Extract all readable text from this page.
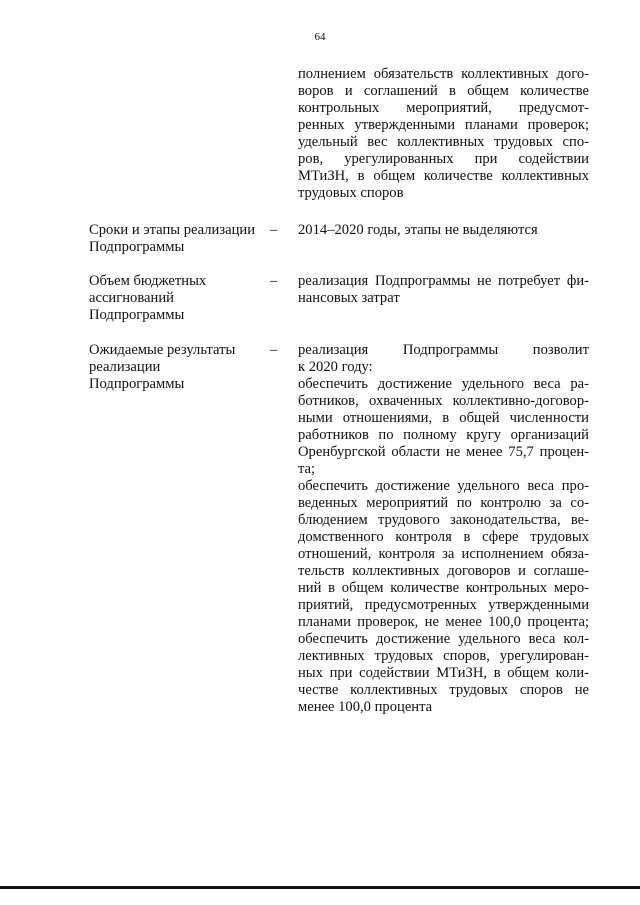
64

полнением обязательств коллективных дого-

воров и соглашений в общем количестве

контрольных мероприятий, предусмот-

ренных утвержденными планами проверок;

удельный вес коллективных трудовых спо-

ров, урегулированных при содействии

МТиЗН, в общем количестве коллективных

трудовых споров

Сроки и этапы реализации

Подпрограммы

– 2014–2020 годы, этапы не выделяются

Объем бюджетных

ассигнований

Подпрограммы

– реализация Подпрограммы не потребует фи-

нансовых затрат

Ожидаемые результаты

реализации

Подпрограммы

– реализация Подпрограммы позволит

к 2020 году:

обеспечить достижение удельного веса ра-

ботников, охваченных коллективно-договор-

ными отношениями, в общей численности

работников по полному кругу организаций

Оренбургской области не менее 75,7 процен-

та;

обеспечить достижение удельного веса про-

веденных мероприятий по контролю за со-

блюдением трудового законодательства, ве-

домственного контроля в сфере трудовых

отношений, контроля за исполнением обяза-

тельств коллективных договоров и соглаше-

ний в общем количестве контрольных меро-

приятий, предусмотренных утвержденными

планами проверок, не менее 100,0 процента;

обеспечить достижение удельного веса кол-

лективных трудовых споров, урегулирован-

ных при содействии МТиЗН, в общем коли-

честве коллективных трудовых споров не

менее 100,0 процента
